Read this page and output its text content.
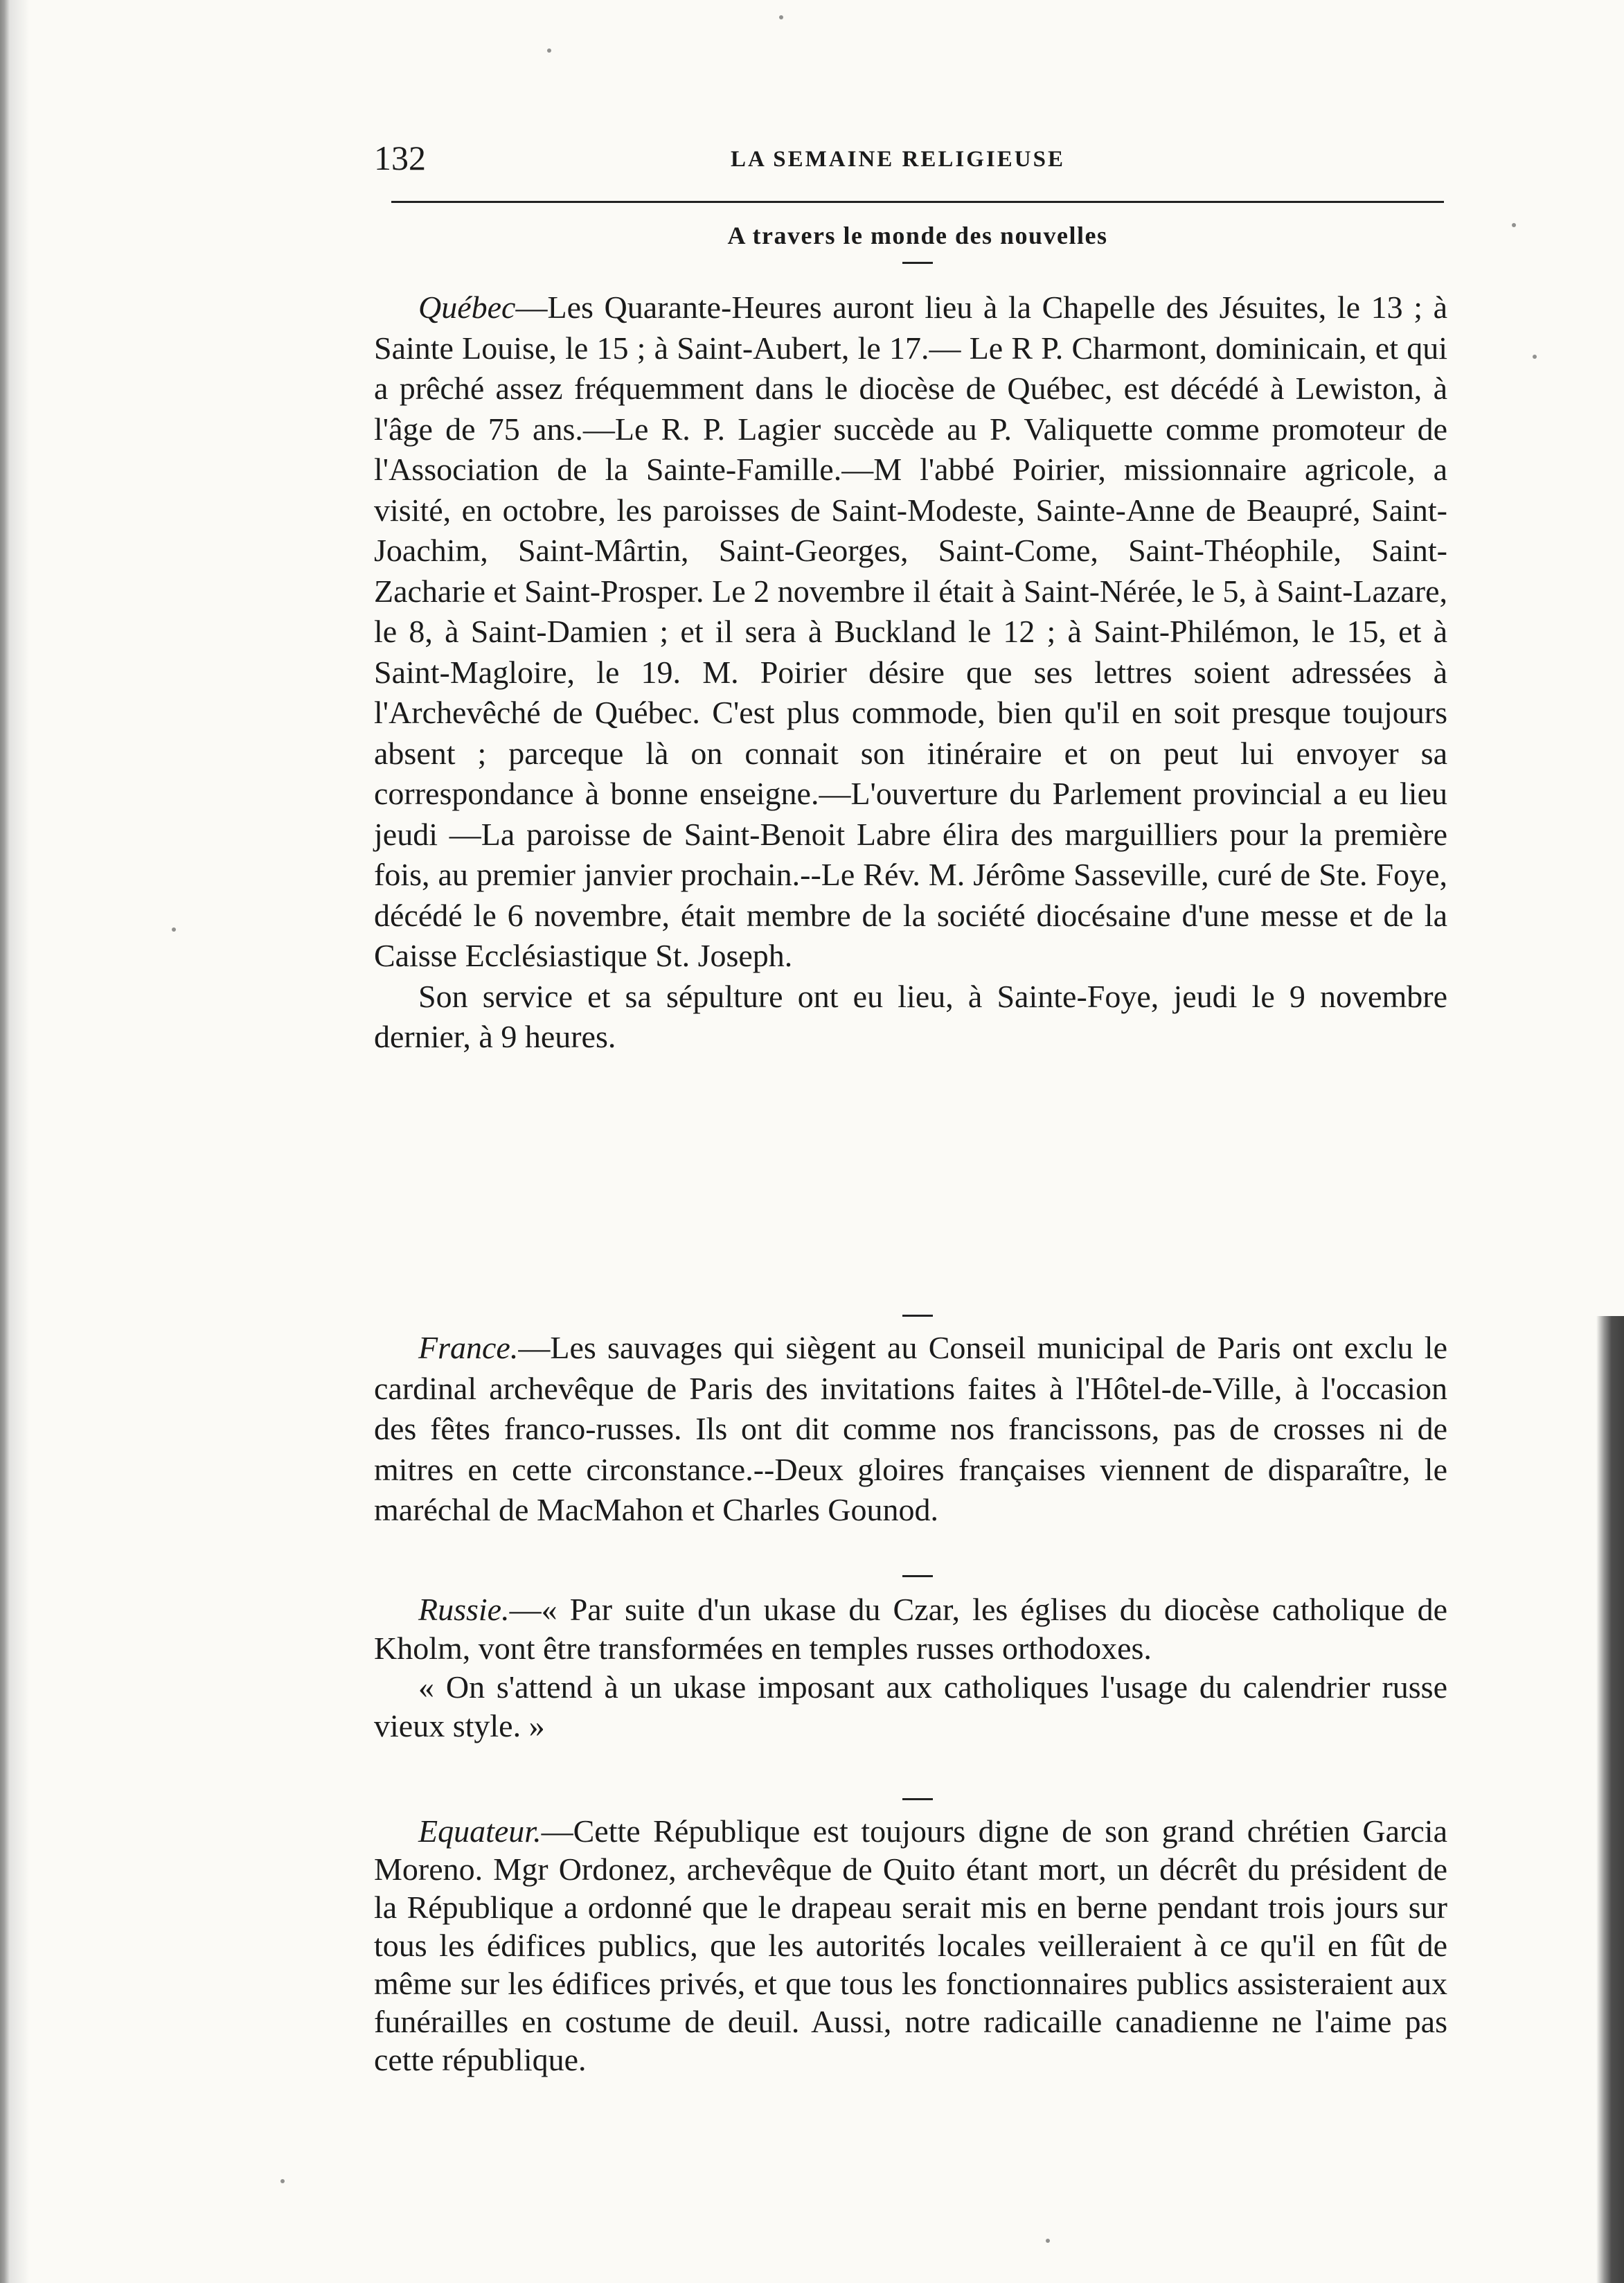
132	LA SEMAINE RELIGIEUSE
A travers le monde des nouvelles

Québec—Les Quarante-Heures auront lieu à la Chapelle des Jésuites, le 13 ; à Sainte Louise, le 15 ; à Saint-Aubert, le 17.— Le R P. Charmont, dominicain, et qui a prêché assez fréquemment dans le diocèse de Québec, est décédé à Lewiston, à l'âge de 75 ans.—Le R. P. Lagier succède au P. Valiquette comme promoteur de l'Association de la Sainte-Famille.—M l'abbé Poirier, missionnaire agricole, a visité, en octobre, les paroisses de Saint-Modeste, Sainte-Anne de Beaupré, Saint-Joachim, Saint-Mârtin, Saint-Georges, Saint-Come, Saint-Théophile, Saint-Zacharie et Saint-Prosper. Le 2 novembre il était à Saint-Nérée, le 5, à Saint-Lazare, le 8, à Saint-Damien ; et il sera à Buckland le 12 ; à Saint-Philémon, le 15, et à Saint-Magloire, le 19. M. Poirier désire que ses lettres soient adressées à l'Archevêché de Québec. C'est plus commode, bien qu'il en soit presque toujours absent ; parceque là on connait son itinéraire et on peut lui envoyer sa correspondance à bonne enseigne.—L'ouverture du Parlement provincial a eu lieu jeudi —La paroisse de Saint-Benoit Labre élira des marguilliers pour la première fois, au premier janvier prochain.--Le Rév. M. Jérôme Sasseville, curé de Ste. Foye, décédé le 6 novembre, était membre de la société diocésaine d'une messe et de la Caisse Ecclésiastique St. Joseph.

Son service et sa sépulture ont eu lieu, à Sainte-Foye, jeudi le 9 novembre dernier, à 9 heures.

France.—Les sauvages qui siègent au Conseil municipal de Paris ont exclu le cardinal archevêque de Paris des invitations faites à l'Hôtel-de-Ville, à l'occasion des fêtes franco-russes. Ils ont dit comme nos francissons, pas de crosses ni de mitres en cette circonstance.--Deux gloires françaises viennent de disparaître, le maréchal de MacMahon et Charles Gounod.

Russie.—« Par suite d'un ukase du Czar, les églises du diocèse catholique de Kholm, vont être transformées en temples russes orthodoxes.

« On s'attend à un ukase imposant aux catholiques l'usage du calendrier russe vieux style. »

Equateur.—Cette République est toujours digne de son grand chrétien Garcia Moreno. Mgr Ordonez, archevêque de Quito étant mort, un décrêt du président de la République a ordonné que le drapeau serait mis en berne pendant trois jours sur tous les édifices publics, que les autorités locales veilleraient à ce qu'il en fût de même sur les édifices privés, et que tous les fonctionnaires publics assisteraient aux funérailles en costume de deuil. Aussi, notre radicaille canadienne ne l'aime pas cette république.
